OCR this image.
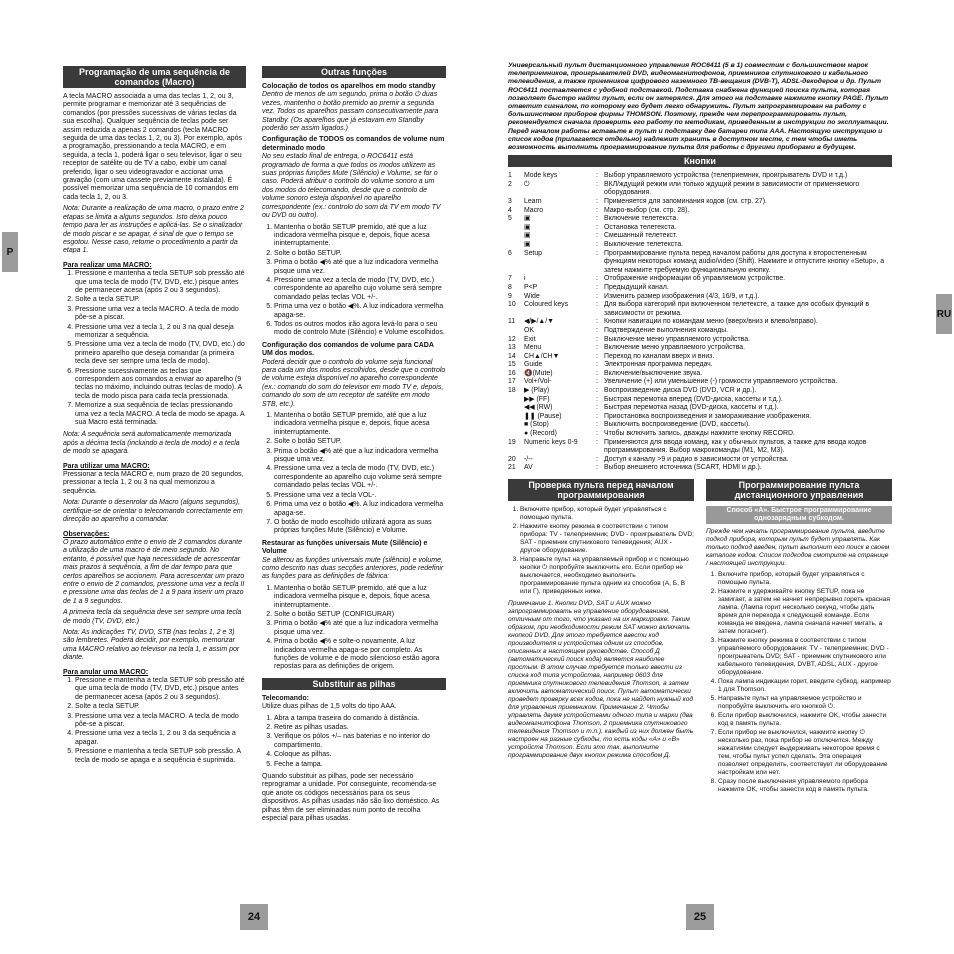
P
RU
24	25
Programação de uma sequência de comandos (Macro)

A tecla MACRO associada a uma das teclas 1, 2, ou 3, permite programar e memorizar até 3 sequências de comandos (por pressões sucessivas de várias teclas da sua escolha). Qualquer sequência de teclas pode ser assim reduzida a apenas 2 comandos (tecla MACRO seguida de uma das teclas 1, 2, ou 3). Por exemplo, após a programação, pressionando a tecla MACRO, e em seguida, a tecla 1, poderá ligar o seu televisor, ligar o seu receptor de satélite ou de TV a cabo, exibir um canal preferido, ligar o seu videogravador e accionar uma gravação (com uma cassete previamente instalada). É possível memorizar uma sequência de 10 comandos em cada tecla 1, 2, ou 3.

Nota: Durante a realização de uma macro, o prazo entre 2 etapas se limita a alguns segundos. Isto deixa pouco tempo para ler as instruções e aplicá-las. Se o sinalizador de modo piscar e se apagar, é sinal de que o tempo se esgotou. Nesse caso, retome o procedimento a partir da etapa 1.

Para realizar uma MACRO:
1. Pressione e mantenha a tecla SETUP sob pressão até que uma tecla de modo (TV, DVD, etc.) pisque antes de permanecer acesa (após 2 ou 3 segundos).
2. Solte a tecla SETUP.
3. Pressione uma vez a tecla MACRO. A tecla de modo pôe-se a piscar.
4. Pressione uma vez a tecla 1, 2 ou 3 na qual deseja memorizar a sequência.
5. Pressione uma vez a tecla de modo (TV, DVD, etc.) do primeiro aparelho que deseja comandar (a primeira tecla deve ser sempre uma tecla de modo).
6. Pressione sucessivamente as teclas que correspondem aos comandos a enviar ao aparelho (9 teclas no máximo, incluindo outras teclas de modo). A tecla de modo pisca para cada tecla pressionada.
7. Memorize a sua sequência de teclas pressionando uma vez a tecla MACRO. A tecla de modo se apaga. A sua Macro está terminada.

Nota: A sequência será automaticamente memorizada após a décima tecla (incluindo a tecla de modo) e a tecla de modo se apagará.

Para utilizar uma MACRO:

Pressionar a tecla MACRO e, num prazo de 20 segundos, pressionar a tecla 1, 2 ou 3 na qual memorizou a sequência.

Nota: Durante o desenrolar da Macro (alguns segundos), certifique-se de orientar o telecomando correctamente em direcção ao aparelho a comandar.

Observações:

O prazo automático entre o envio de 2 comandos durante a utilização de uma macro é de meio segundo. No entanto, é possível que haja necessidade de acrescentar mais prazos à sequência, a fim de dar tempo para que certos aparelhos se accionem. Para acrescentar um prazo entre o envio de 2 comandos, pressione uma vez a tecla II e pressione uma das teclas de 1 a 9 para inserir um prazo de 1 a 9 segundos.

A primeira tecla da sequência deve ser sempre uma tecla de modo (TV, DVD, etc.)

Nota: As indicações TV, DVD, STB (nas teclas 1, 2 e 3) são lembretes. Poderá decidir, por exemplo, memorizar uma MACRO relativo ao televisor na tecla 1, e assim por diante.

Para anular uma MACRO:
1. Pressione e mantenha a tecla SETUP sob pressão até que uma tecla de modo (TV, DVD, etc.) pisque antes de permanecer acesa (após 2 ou 3 segundos).
2. Solte a tecla SETUP.
3. Pressione uma vez a tecla MACRO. A tecla de modo pôe-se a piscar.
4. Pressione uma vez a tecla 1, 2 ou 3 da sequência a apagar.
5. Pressione e mantenha a tecla SETUP sob pressão. A tecla de modo se apaga e a sequência é suprimida.
Outras funções
Colocação de todos os aparelhos em modo standby

Dentro de menos de um segundo, prima o botão ⏻ duas vezes, mantenho o botão premido ao premir a segunda vez. Todos os aparelhos passam consecutivamente para Standby. (Os aparelhos que já estavam em Standby poderão ser assim ligados.)

Configuração de TODOS os comandos de volume num determinado modo

No seu estado final de entrega, o ROC6411 está programado de forma a que todos os modos utilizem as suas próprias funções Mute (Silêncio) e Volume, se for o caso. Poderá atribuir o controlo do volume sonoro a um dos modos do telecomando, desde que o controlo de volume sonoro esteja disponível no aparelho correspondente (ex.: controlo do som da TV em modo TV ou DVD ou outro).

1. Mantenha o botão SETUP premido, até que a luz indicadora vermelha pisque e, depois, fique acesa ininterruptamente.
2. Solte o botão SETUP.
3. Prima o botão ◀% até que a luz indicadora vermelha pisque uma vez.
4. Pressione uma vez a tecla de modo (TV, DVD, etc.) correspondente ao aparelho cujo volume será sempre comandado pelas teclas VOL +/-.
5. Prima uma vez o botão ◀%. A luz indicadora vermelha apaga-se.
6. Todos os outros modos irão agora levá-lo para o seu modo de controlo Mute (Silêncio) e Volume escolhidos.
Configuração dos comandos de volume para CADA UM dos modos.

Poderá decidir que o controlo do volume seja funcional para cada um dos modos escolhidos, desde que o controlo de volume esteja disponível no aparelho correspondente (ex.: comando do som do televisor em modo TV e, depois, comando do som de um receptor de satélite em modo STB, etc.).

1. Mantenha o botão SETUP premido, até que a luz indicadora vermelha pisque e, depois, fique acesa ininterruptamente.
2. Solte o botão SETUP.
3. Prima o botão ◀% até que a luz indicadora vermelha pisque uma vez.
4. Pressione uma vez a tecla de modo (TV, DVD, etc.) correspondente ao aparelho cujo volume será sempre comandado pelas teclas VOL +/-.
5. Pressione uma vez a tecla VOL-.
6. Prima uma vez o botão ◀%. A luz indicadora vermelha apaga-se.
7. O botão de modo escolhido utilizará agora as suas próprias funções Mute (Silêncio) e Volume.
Restaurar as funções universais Mute (Silêncio) e Volume

Se alterou as funções universais mute (silêncio) e volume, como descrito nas duas secções anteriores, pode redefinir as funções para as definições de fábrica:

1. Mantenha o botão SETUP premido, até que a luz indicadora vermelha pisque e, depois, fique acesa ininterruptamente.
2. Solte o botão SETUP (CONFIGURAR)
3. Prima o botão ◀% até que a luz indicadora vermelha pisque uma vez.
4. Prima o botão ◀% e solte-o novamente. A luz indicadora vermelha apaga-se por completo. As funções de volume e de modo silencioso estão agora repostas para as definições de origem.
Substituir as pilhas
Telecomando:

Utilize duas pilhas de 1,5 volts do tipo AAA.

1. Abra a tampa traseira do comando à distância.
2. Retire as pilhas usadas.
3. Verifique os pólos +/– nas baterias e no interior do compartimento.
4. Coloque as pilhas.
5. Feche a tampa.

Quando substituir as pilhas, pode ser necessário reprogramar a unidade. Por conseguinte, recomenda-se que anote os códigos necessários para os seus dispositivos. As pilhas usadas não são lixo doméstico. As pilhas têm de ser eliminadas num ponto de recolha especial para pilhas usadas.

Универсальный пульт дистанционного управления ROC6411 (5 в 1) совместим с большинством марок телеприемников, проигрывателей DVD, видеомагнитофонов, приемников спутникового и кабельного телевидения, а также приемников цифрового наземного ТВ-вещания (DVB-T), ADSL-декодеров и др. Пульт ROC6411 поставляется с удобной подставкой. Подставка снабжена функцией поиска пульта, которая позволяет быстро найти пульт, если он затерялся. Для этого на подставке нажмите кнопку PAGE. Пульт ответит сигналом, по которому его будет легко обнаружить. Пульт запрограммирован на работу с большинством приборов фирмы THOMSON. Поэтому, прежде чем перепрограммировать пульт, рекомендуется сначала проверить его работу по методикам, приведенным в инструкции по эксплуатации. Перед началом работы вставьте в пульт и подставку две батареи типа AAA. Настоящую инструкцию и список кодов (прилагается отдельно) надлежит хранить в доступном месте, с тем чтобы иметь возможность выполнить программирование пульта для работы с другими приборами в будущем.

Кнопки
1	Mode keys	:	Выбор управляемого устройства (телеприемник, проигрыватель DVD и т.д.)
2	⏻	:	ВКЛ/ждущий режим или только ждущий режим в зависимости от применяемого оборудования.
3	Learn	:	Применяется для запоминания кодов (см. стр. 27).
4	Macro	:	Макро-выбор (см. стр. 28).
5	▣	:	Включение телетекста.
	▣	:	Остановка телетекста.
	▣	:	Смешанный телетекст.
	▣	:	Выключение телетекста.
6	Setup	:	Программирование пульта перед началом работы для доступа к второстепенным функциям некоторых команд audio/video (Shift). Нажмите и отпустите кнопку «Setup», а затем нажмите требуемую функциональную кнопку.
7	i	:	Отображение информации об управляемом устройстве.
8	P<P	:	Предыдущий канал.
9	Wide	:	Изменить размер изображения (4/3, 16/9, и т.д.).
10	Coloured keys	:	Для выбора категорий при включенном телетексте, а также для особых функций в зависимости от режима.
11	◀/▶/▲/▼	:	Кнопки навигации по командам меню (вверх/вниз и влево/вправо).
	OK	:	Подтверждение выполнения команды.
12	Exit	:	Выключение меню управляемого устройства.
13	Menu	:	Включение меню управляемого устройства.
14	CH▲/CH▼	:	Переход по каналам вверх и вниз.
15	Guide	:	Электронная программа передач.
16	🔇(Mute)	:	Включение/выключение звука.
17	Vol+/Vol-	:	Увеличение (+) или уменьшение (-) громкости управляемого устройства.
18	▶ (Play)	:	Воспроизведение диска DVD (DVD, VCR и др.).
	▶▶ (FF)	:	Быстрая перемотка вперед (DVD-диска, кассеты и т.д.).
	◀◀ (RW)	:	Быстрая перемотка назад (DVD-диска, кассеты и т.д.).
	❚❚ (Pause)	:	Приостановка воспроизведения и замораживание изображения.
	■ (Stop)	:	Выключить воспроизведение (DVD, кассеты).
	● (Record)	:	Чтобы включить запись, дважды нажмите кнопку RECORD.
19	Numeric keys 0-9	:	Применяются для ввода команд, как у обычных пультов, а также для ввода кодов программирования. Выбор макрокоманды (M1, M2, M3).
20	-/--	:	Доступ к каналу >9 и радио в зависимости от устройства.
21	AV	:	Выбор внешнего источника (SCART, HDMI и др.).
Проверка пульта перед началом программирования
1. Включите прибор, который будет управляться с помощью пульта.
2. Нажмите кнопку режима в соответствии с типом прибора: TV - телеприемник; DVD - проигрыватель DVD; SAT - приемник спутникового телевидения; AUX - другое оборудование.
3. Направьте пульт на управляемый прибор и с помощью кнопки ⏻ попробуйте выключить его. Если прибор не выключается, необходимо выполнить программирование пульта одним из способов (А, Б, В или Г), приведенных ниже.

Примечание 1. Кнопки DVD, SAT и AUX можно запрограммировать на управление оборудованием, отличным от того, что указано на их маркировке. Таким образом, при необходимости режим SAT можно включать кнопкой DVD. Для этого требуется ввести код производителя и устройства одним из способов, описанных в настоящем руководстве. Способ Д (автоматический поиск кода) является наиболее простым. В этом случае требуется только ввести из списка код типа устройства, например 0603 для приемника спутникового телевидения Thomson, а затем включить автоматический поиск. Пульт автоматически проведет проверку всех кодов, пока не найдет нужный код для управления приемником. Примечание 2. Чтобы управлять двумя устройствами одного типа и марки (два видеомагнитофона Thomson, 2 приемника спутникового телевидения Thomson и т.п.), каждый из них должен быть настроен на разные субкоды, то есть коды «А» и «В» устройств Thomson. Если это так, выполните программирование двух кнопок режима способом Д.

Программирование пульта дистанционного управления
Способ «А». Быстрое программирование однозарядным субкодом.

Прежде чем начать программирование пульта, введите подкод прибора, которым пульт будет управлять. Как только подкод введен, пульт выполнит его поиск в своем каталоге кодов. Список подкодов смотрите на странице / настоящей инструкции.

1. Включите прибор, который будет управляться с помощью пульта.
2. Нажмите и удерживайте кнопку SETUP, пока не замигает, а затем не начнет непрерывно гореть красная лампа. (Лампа горит несколько секунд, чтобы дать время для перехода к следующей команде. Если команда не введена, лампа сначала начнет мигать, а затем погаснет).
3. Нажмите кнопку режима в соответствии с типом управляемого оборудования: TV - телеприемник; DVD - проигрыватель DVD; SAT - приемник спутникового или кабельного телевидения, DVBT, ADSL; AUX - другое оборудование.
4. Пока лампа индикации горит, введите субкод, например 1 для Thomson.
5. Направьте пульт на управляемое устройство и попробуйте выключить его кнопкой ⏻.
6. Если прибор выключился, нажмите OK, чтобы занести код в память пульта.
7. Если прибор не выключился, нажмите кнопку ⏻ несколько раз, пока прибор не отключится. Между нажатиями следует выдерживать некоторое время с тем, чтобы пульт успел сделать. Эта операция позволяет определить, соответствует ли оборудование настройкам или нет.
8. Сразу после выключения управляемого прибора нажмите OK, чтобы занести код в память пульта.
